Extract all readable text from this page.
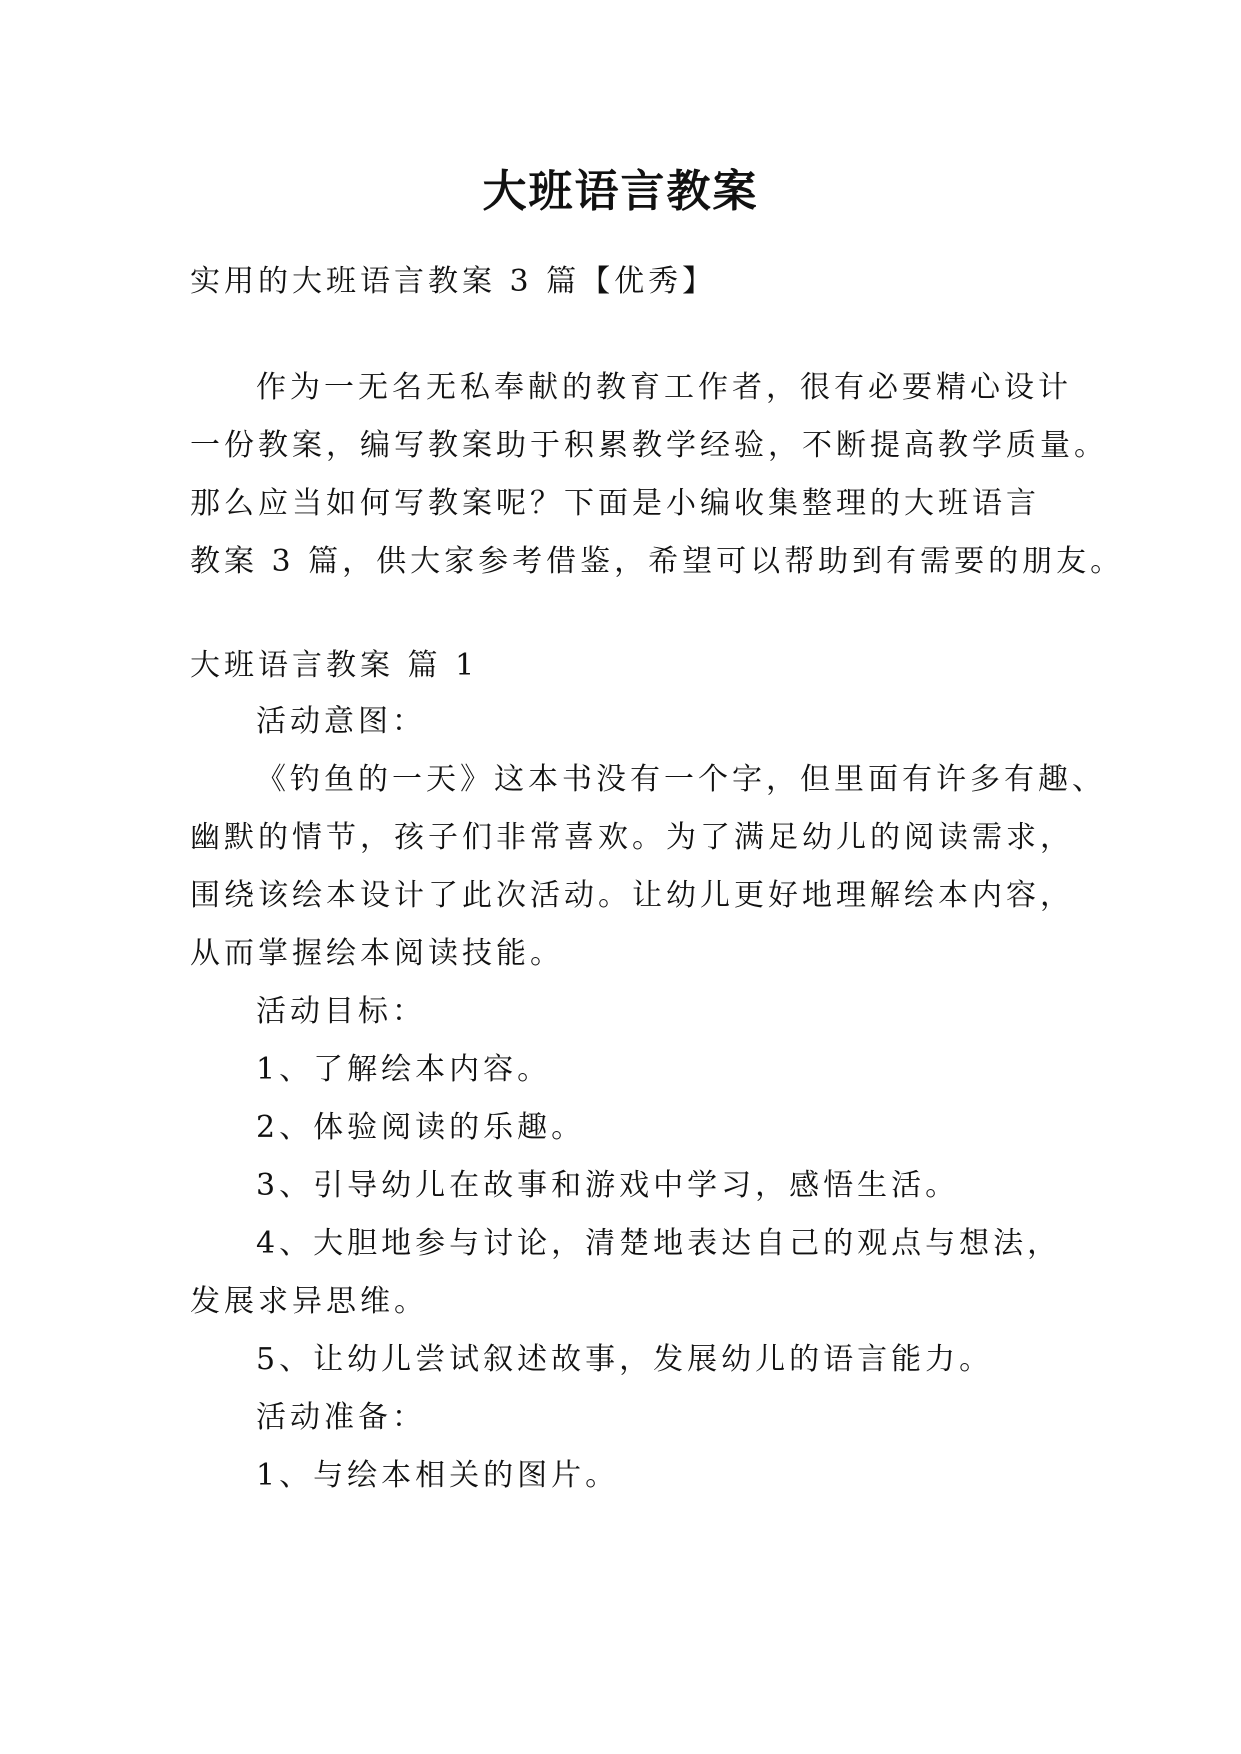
大班语言教案

实用的大班语言教案 3 篇【优秀】

作为一无名无私奉献的教育工作者，很有必要精心设计

一份教案，编写教案助于积累教学经验，不断提高教学质量。

那么应当如何写教案呢？下面是小编收集整理的大班语言

教案 3 篇，供大家参考借鉴，希望可以帮助到有需要的朋友。

大班语言教案 篇 1

活动意图：

《钓鱼的一天》这本书没有一个字，但里面有许多有趣、

幽默的情节，孩子们非常喜欢。为了满足幼儿的阅读需求，

围绕该绘本设计了此次活动。让幼儿更好地理解绘本内容，

从而掌握绘本阅读技能。

活动目标：

1、了解绘本内容。

2、体验阅读的乐趣。

3、引导幼儿在故事和游戏中学习，感悟生活。

4、大胆地参与讨论，清楚地表达自己的观点与想法，

发展求异思维。

5、让幼儿尝试叙述故事，发展幼儿的语言能力。

活动准备：

1、与绘本相关的图片。
